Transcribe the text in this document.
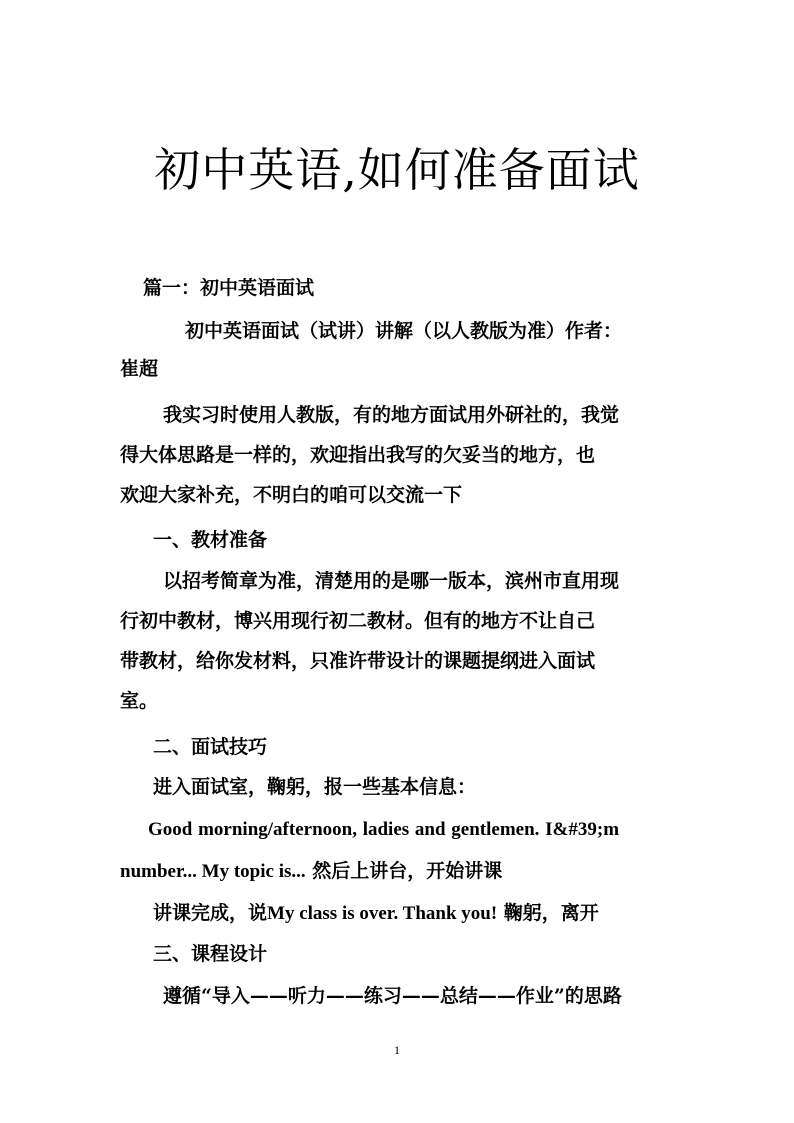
初中英语,如何准备面试

篇一：初中英语面试

初中英语面试（试讲）讲解（以人教版为准）作者：

崔超

我实习时使用人教版，有的地方面试用外研社的，我觉

得大体思路是一样的，欢迎指出我写的欠妥当的地方，也

欢迎大家补充，不明白的咱可以交流一下

一、教材准备

以招考简章为准，清楚用的是哪一版本，滨州市直用现

行初中教材，博兴用现行初二教材。但有的地方不让自己

带教材，给你发材料，只准许带设计的课题提纲进入面试

室。

二、面试技巧

进入面试室，鞠躬，报一些基本信息：

Good morning/afternoon, ladies and gentlemen. I&#39;m

number... My topic is... 然后上讲台，开始讲课

讲课完成，说My class is over. Thank you! 鞠躬，离开

三、课程设计

遵循“导入——听力——练习——总结——作业”的思路

1
